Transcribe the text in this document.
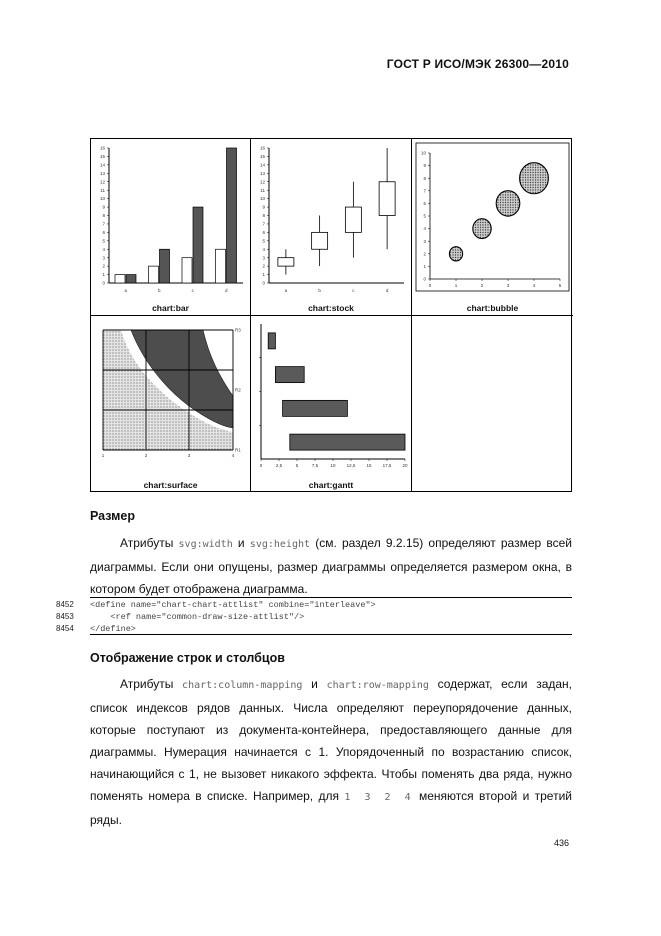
ГОСТ Р ИСО/МЭК 26300—2010
0
1
2
3
4
5
6
7
8
9
10
11
12
13
14
15
16
a	b	c	d
chart:bar
0
1
2
3
4
5
6
7
8
9
10
11
12
13
14
15
16
a	b	c	d
chart:stock
0
1
2
3
4
5
6
7
8
9
10
0	1	2	3	4	5
chart:bubble
1	2	3	4
R1
R2
R3
chart:surface
0	2,5	5	7,5	10 12,5 15 17,5 20
chart:gantt
Размер
Атрибуты svg:width и svg:height (см. раздел 9.2.15) определяют размер всей диаграммы. Если они опущены, размер диаграммы определяется размером окна, в котором будет отображена диаграмма.
8452
8453
8454
<define name="chart-chart-attlist" combine="interleave">
<ref name="common-draw-size-attlist"/>
</define>
Отображение строк и столбцов
Атрибуты chart:column-mapping и chart:row-mapping содержат, если задан, список индексов рядов данных. Числа определяют переупорядочение данных, которые поступают из документа-контейнера, предоставляющего данные для диаграммы. Нумерация начинается с 1. Упорядоченный по возрастанию список, начинающийся с 1, не вызовет никакого эффекта. Чтобы поменять два ряда, нужно поменять номера в списке. Например, для 1 3 2 4 меняются второй и третий ряды.
436
